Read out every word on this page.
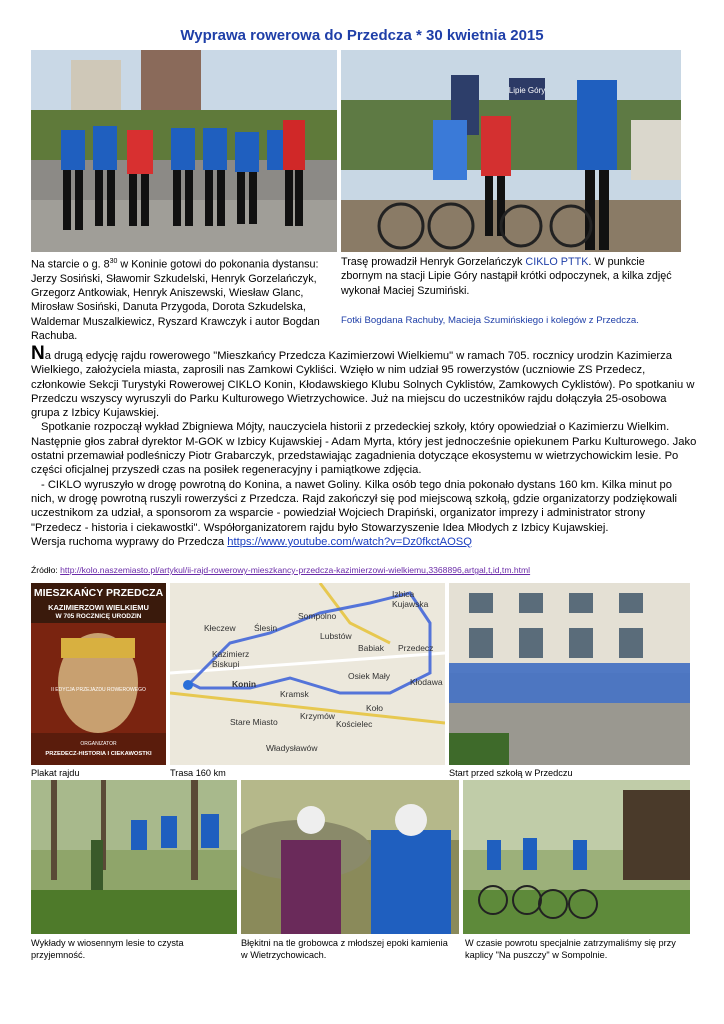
Wyprawa rowerowa do Przedcza * 30 kwietnia 2015
Lipie Góry
Na starcie o g. $8^{30}$ w Koninie gotowi do pokonania dystansu: Jerzy Sosiński, Sławomir Szkudelski, Henryk Gorzelańczyk, Grzegorz Antkowiak, Henryk Aniszewski, Wiesław Glanc, Mirosław Sosiński, Danuta Przygoda, Dorota Szkudelska, Waldemar Muszalkiewicz, Ryszard Krawczyk i autor Bogdan Rachuba.
Trasę prowadził Henryk Gorzelańczyk CIKLO PTTK. W punkcie zbornym na stacji Lipie Góry nastąpił krótki odpoczynek, a kilka zdjęć wykonał Maciej Szumiński.
Fotki Bogdana Rachuby, Macieja Szumińskiego i kolegów z Przedcza.

Na drugą edycję rajdu rowerowego "Mieszkańcy Przedcza Kazimierzowi Wielkiemu" w ramach 705. rocznicy urodzin Kazimierza Wielkiego, założyciela miasta, zaprosili nas Zamkowi Cykliści. Wzięło w nim udział 95 rowerzystów (uczniowie ZS Przedecz, członkowie Sekcji Turystyki Rowerowej CIKLO Konin, Kłodawskiego Klubu Solnych Cyklistów, Zamkowych Cyklistów). Po spotkaniu w Przedczu wszyscy wyruszyli do Parku Kulturowego Wietrzychowice. Już na miejscu do uczestników rajdu dołączyła 25-osobowa grupa z Izbicy Kujawskiej.

Spotkanie rozpoczął wykład Zbigniewa Mójty, nauczyciela historii z przedeckiej szkoły, który opowiedział o Kazimierzu Wielkim. Następnie głos zabrał dyrektor M-GOK w Izbicy Kujawskiej - Adam Myrta, który jest jednocześnie opiekunem Parku Kulturowego. Jako ostatni przemawiał podleśniczy Piotr Grabarczyk, przedstawiając zagadnienia dotyczące ekosystemu w wietrzychowickim lesie. Po części oficjalnej przyszedł czas na posiłek regeneracyjny i pamiątkowe zdjęcia.

- CIKLO wyruszyło w drogę powrotną do Konina, a nawet Goliny. Kilka osób tego dnia pokonało dystans 160 km. Kilka minut po nich, w drogę powrotną ruszyli rowerzyści z Przedcza. Rajd zakończył się pod miejscową szkołą, gdzie organizatorzy podziękowali uczestnikom za udział, a sponsorom za wsparcie - powiedział Wojciech Drapiński, organizator imprezy i administrator strony "Przedecz - historia i ciekawostki". Współorganizatorem rajdu było Stowarzyszenie Idea Młodych z Izbicy Kujawskiej.

Wersja ruchoma wyprawy do Przedcza https://www.youtube.com/watch?v=Dz0fkctAOSQ

Źródło: http://kolo.naszemiasto.pl/artykul/ii-rajd-rowerowy-mieszkancy-przedcza-kazimierzowi-wielkiemu,3368896,artgal,t,id,tm.html
MIESZKAŃCY PRZEDCZA
KAZIMIERZOWI WIELKIEMU
W 705 ROCZNICĘ URODZIN
II EDYCJA PRZEJAZDU ROWEROWEGO
ORGANIZATOR
PRZEDECZ-HISTORIA I CIEKAWOSTKI
Sompolno
Izbica Kujawska
Kłeczew Ślesin
Lubstów
Babiak
Kazimierz Biskupi
Osiek Mały
Przedecz
Konin
Kramsk
Koło
Kłodawa
Stare Miasto
Krzymów
Kościelec
Władysławów
Plakat rajdu	Trasa 160 km	Start przed szkołą w Przedczu
Wykłady w wiosennym lesie to czysta przyjemność.
Błękitni na tle grobowca z młodszej epoki kamienia w Wietrzychowicach.
W czasie powrotu specjalnie zatrzymaliśmy się przy kaplicy "Na puszczy" w Sompolnie.
